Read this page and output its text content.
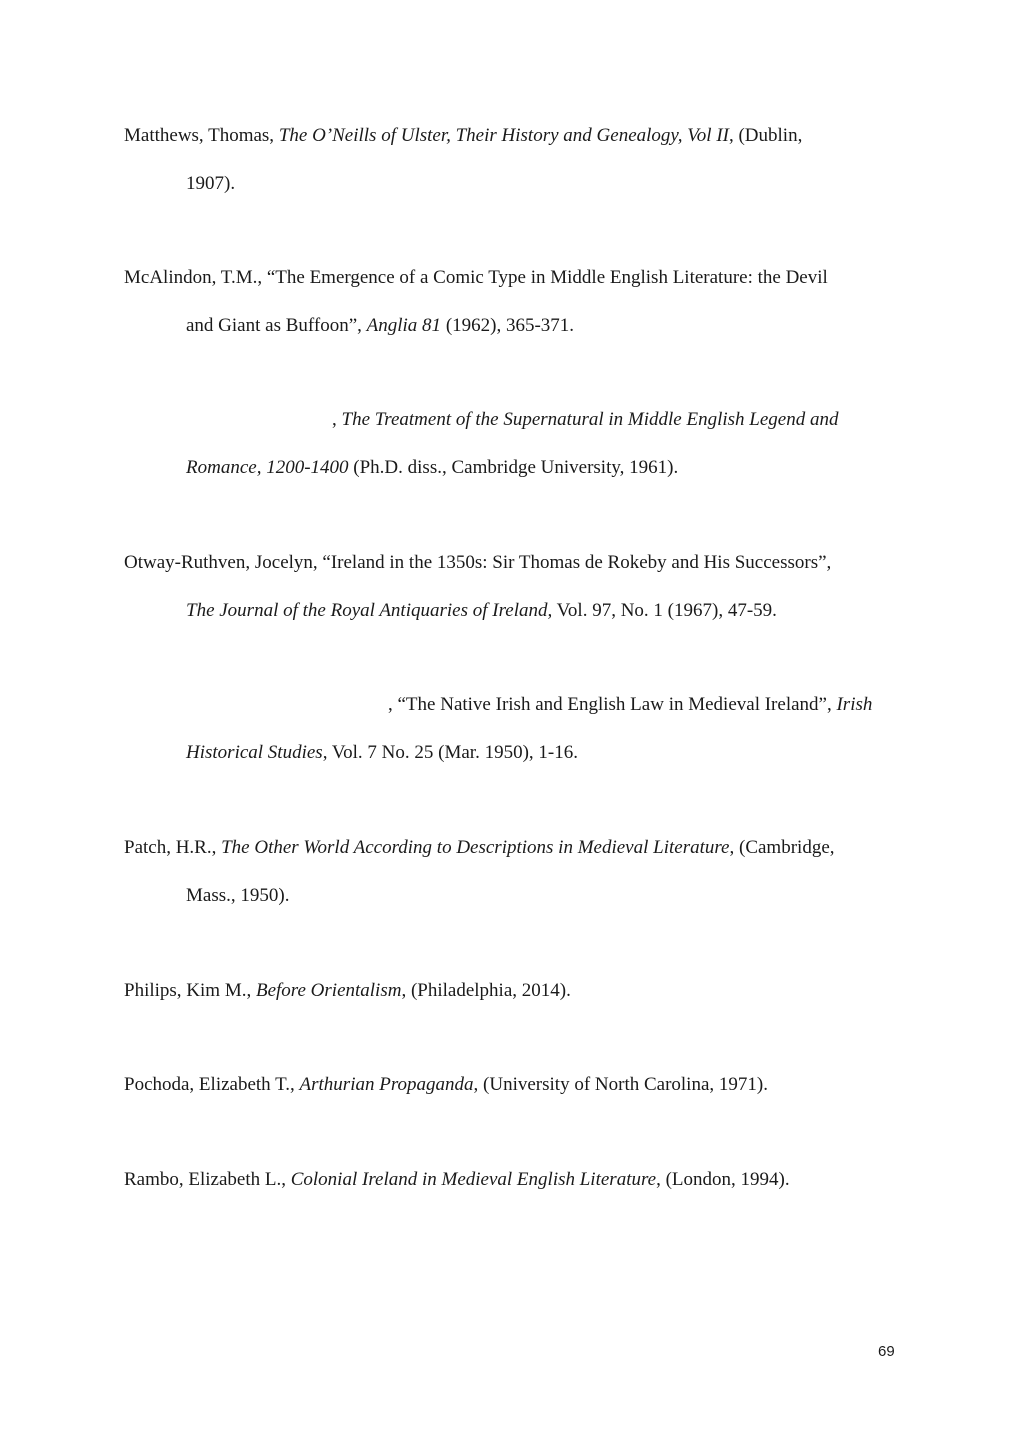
Matthews, Thomas, The O’Neills of Ulster, Their History and Genealogy, Vol II, (Dublin,
1907).

McAlindon, T.M., “The Emergence of a Comic Type in Middle English Literature: the Devil
and Giant as Buffoon”, Anglia 81 (1962), 365-371.

, The Treatment of the Supernatural in Middle English Legend and
Romance, 1200-1400 (Ph.D. diss., Cambridge University, 1961).

Otway-Ruthven, Jocelyn, “Ireland in the 1350s: Sir Thomas de Rokeby and His Successors”,
The Journal of the Royal Antiquaries of Ireland, Vol. 97, No. 1 (1967), 47-59.

, “The Native Irish and English Law in Medieval Ireland”, Irish
Historical Studies, Vol. 7 No. 25 (Mar. 1950), 1-16.

Patch, H.R., The Other World According to Descriptions in Medieval Literature, (Cambridge,
Mass., 1950).

Philips, Kim M., Before Orientalism, (Philadelphia, 2014).

Pochoda, Elizabeth T., Arthurian Propaganda, (University of North Carolina, 1971).

Rambo, Elizabeth L., Colonial Ireland in Medieval English Literature, (London, 1994).

69
